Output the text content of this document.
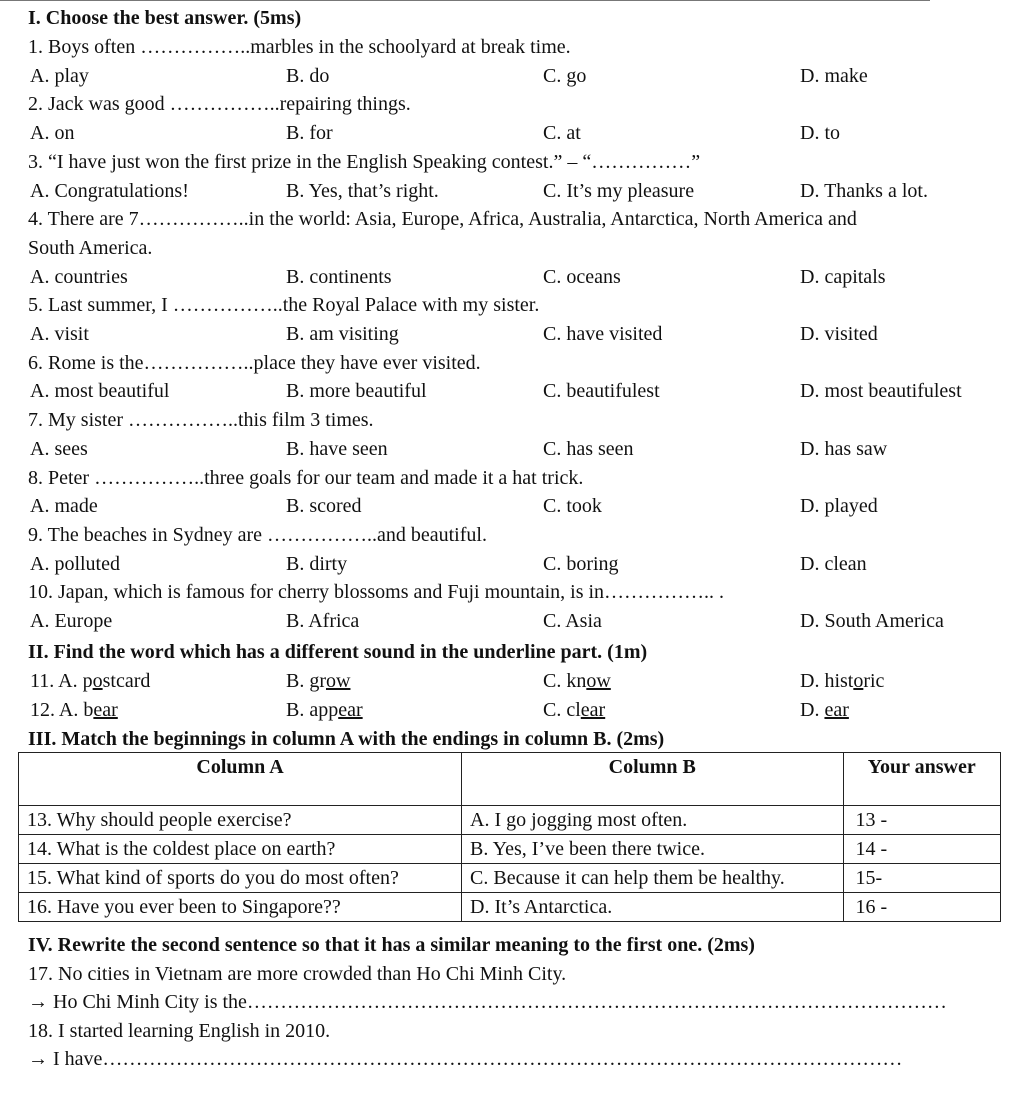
I. Choose the best answer. (5ms)
1. Boys often ……………..marbles in the schoolyard at break time.
A. play	B. do	C. go	D. make
2. Jack was good ……………..repairing things.
A. on	B. for	C. at	D. to
3. “I have just won the first prize in the English Speaking contest.” – “……………”
A. Congratulations!	B. Yes, that’s right.	C. It’s my pleasure	D. Thanks a lot.
4. There are 7……………..in the world: Asia, Europe, Africa, Australia, Antarctica, North America and
South America.
A. countries	B. continents	C. oceans	D. capitals
5. Last summer, I ……………..the Royal Palace with my sister.
A. visit	B. am visiting	C. have visited	D. visited
6. Rome is the……………..place they have ever visited.
A. most beautiful	B. more beautiful	C. beautifulest	D. most beautifulest
7. My sister ……………..this film 3 times.
A. sees	B. have seen	C. has seen	D. has saw
8. Peter ……………..three goals for our team and made it a hat trick.
A. made	B. scored	C. took	D. played
9. The beaches in Sydney are ……………..and beautiful.
A. polluted	B. dirty	C. boring	D. clean
10. Japan, which is famous for cherry blossoms and Fuji mountain, is in…………….. .
A. Europe	B. Africa	C. Asia	D. South America
II. Find the word which has a different sound in the underline part. (1m)
11. A. postcard	B. grow	C. know	D. historic
12. A. bear	B. appear	C. clear	D. ear
III. Match the beginnings in column A with the endings in column B. (2ms)
Column A	Column B	Your answer
13. Why should people exercise?	A. I go jogging most often.	13 -
14. What is the coldest place on earth?	B. Yes, I’ve been there twice.	14 -
15. What kind of sports do you do most often?	C. Because it can help them be healthy.	15-
16. Have you ever been to Singapore??	D. It’s Antarctica.	16 -
IV. Rewrite the second sentence so that it has a similar meaning to the first one. (2ms)
17. No cities in Vietnam are more crowded than Ho Chi Minh City.
→ Ho Chi Minh City is the……………………………………………………………………………………………
18. I started learning English in 2010.
→ I have…………………………………………………………………………………………………………
